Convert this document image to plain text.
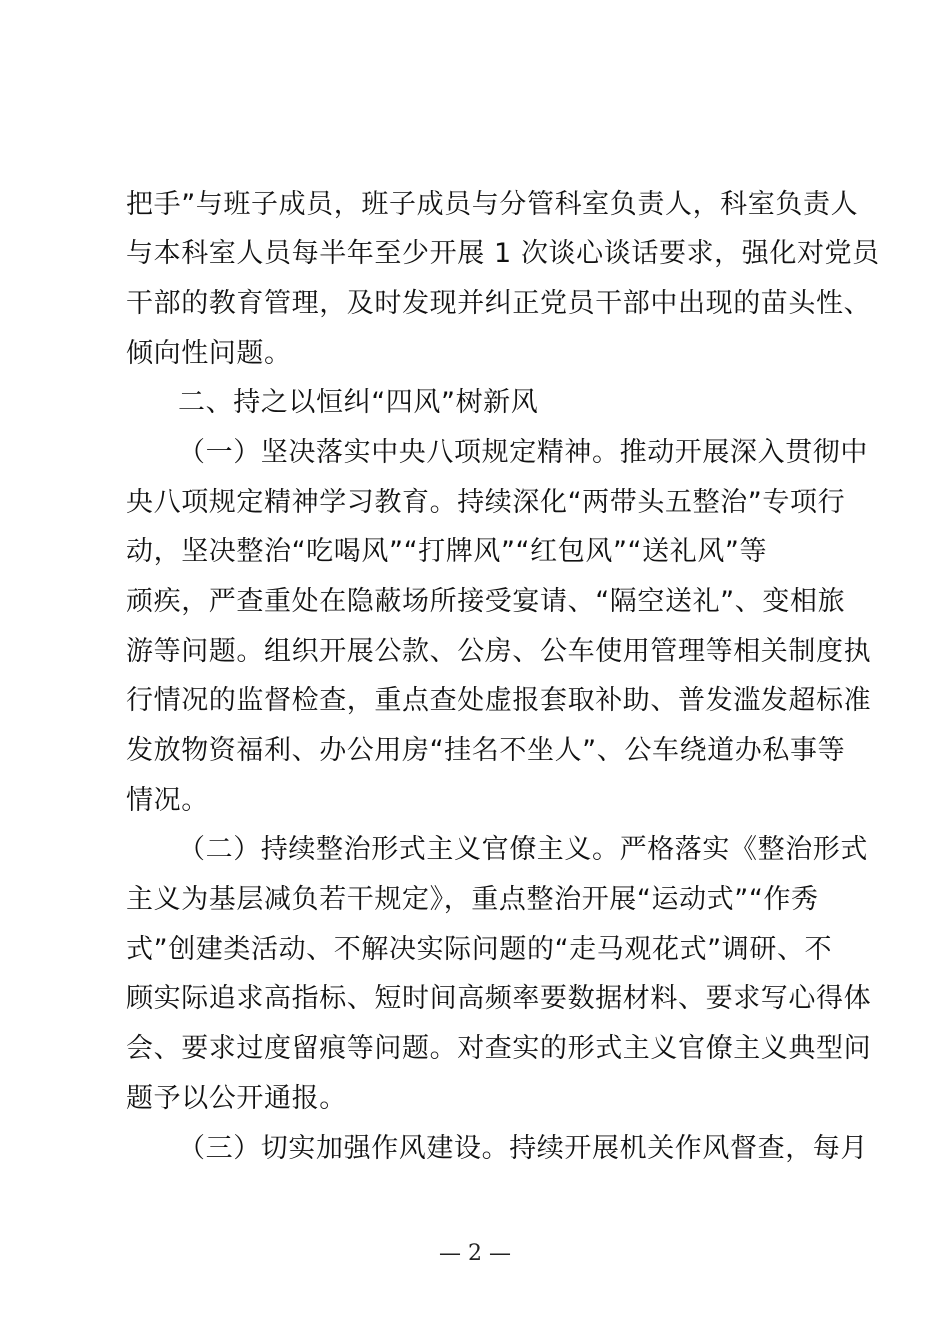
把手”与班子成员，班子成员与分管科室负责人，科室负责人
与本科室人员每半年至少开展 1 次谈心谈话要求，强化对党员
干部的教育管理，及时发现并纠正党员干部中出现的苗头性、
倾向性问题。
二、持之以恒纠“四风”树新风
（一）坚决落实中央八项规定精神。推动开展深入贯彻中
央八项规定精神学习教育。持续深化“两带头五整治”专项行
动，坚决整治“吃喝风”“打牌风”“红包风”“送礼风”等
顽疾，严查重处在隐蔽场所接受宴请、“隔空送礼”、变相旅
游等问题。组织开展公款、公房、公车使用管理等相关制度执
行情况的监督检查，重点查处虚报套取补助、普发滥发超标准
发放物资福利、办公用房“挂名不坐人”、公车绕道办私事等
情况。
（二）持续整治形式主义官僚主义。严格落实《整治形式
主义为基层减负若干规定》，重点整治开展“运动式”“作秀
式”创建类活动、不解决实际问题的“走马观花式”调研、不
顾实际追求高指标、短时间高频率要数据材料、要求写心得体
会、要求过度留痕等问题。对查实的形式主义官僚主义典型问
题予以公开通报。
（三）切实加强作风建设。持续开展机关作风督查，每月
— 2 —
